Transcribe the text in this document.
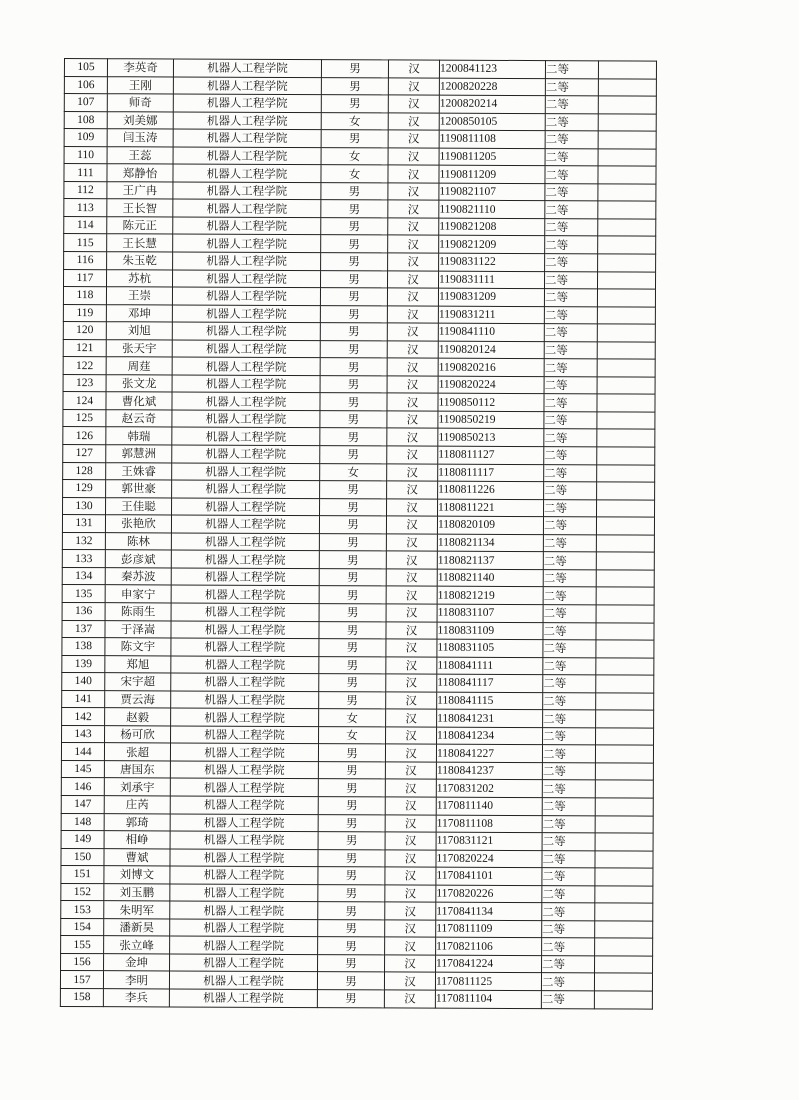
105	李英奇	机器人工程学院	男	汉	1200841123	二等	
106	王刚	机器人工程学院	男	汉	1200820228	二等	
107	师奇	机器人工程学院	男	汉	1200820214	二等	
108	刘美娜	机器人工程学院	女	汉	1200850105	二等	
109	闫玉涛	机器人工程学院	男	汉	1190811108	二等	
110	王蕊	机器人工程学院	女	汉	1190811205	二等	
111	郑静怡	机器人工程学院	女	汉	1190811209	二等	
112	王广冉	机器人工程学院	男	汉	1190821107	二等	
113	王长智	机器人工程学院	男	汉	1190821110	二等	
114	陈元正	机器人工程学院	男	汉	1190821208	二等	
115	王长慧	机器人工程学院	男	汉	1190821209	二等	
116	朱玉乾	机器人工程学院	男	汉	1190831122	二等	
117	苏杭	机器人工程学院	男	汉	1190831111	二等	
118	王崇	机器人工程学院	男	汉	1190831209	二等	
119	邓坤	机器人工程学院	男	汉	1190831211	二等	
120	刘旭	机器人工程学院	男	汉	1190841110	二等	
121	张天宇	机器人工程学院	男	汉	1190820124	二等	
122	周莛	机器人工程学院	男	汉	1190820216	二等	
123	张文龙	机器人工程学院	男	汉	1190820224	二等	
124	曹化斌	机器人工程学院	男	汉	1190850112	二等	
125	赵云奇	机器人工程学院	男	汉	1190850219	二等	
126	韩瑞	机器人工程学院	男	汉	1190850213	二等	
127	郭慧洲	机器人工程学院	男	汉	1180811127	二等	
128	王姝睿	机器人工程学院	女	汉	1180811117	二等	
129	郭世豪	机器人工程学院	男	汉	1180811226	二等	
130	王佳聪	机器人工程学院	男	汉	1180811221	二等	
131	张艳欣	机器人工程学院	男	汉	1180820109	二等	
132	陈林	机器人工程学院	男	汉	1180821134	二等	
133	彭彦斌	机器人工程学院	男	汉	1180821137	二等	
134	秦苏波	机器人工程学院	男	汉	1180821140	二等	
135	申家宁	机器人工程学院	男	汉	1180821219	二等	
136	陈雨生	机器人工程学院	男	汉	1180831107	二等	
137	于泽嵩	机器人工程学院	男	汉	1180831109	二等	
138	陈文宇	机器人工程学院	男	汉	1180831105	二等	
139	郑旭	机器人工程学院	男	汉	1180841111	二等	
140	宋宇超	机器人工程学院	男	汉	1180841117	二等	
141	贾云海	机器人工程学院	男	汉	1180841115	二等	
142	赵毅	机器人工程学院	女	汉	1180841231	二等	
143	杨可欣	机器人工程学院	女	汉	1180841234	二等	
144	张超	机器人工程学院	男	汉	1180841227	二等	
145	唐国东	机器人工程学院	男	汉	1180841237	二等	
146	刘承宇	机器人工程学院	男	汉	1170831202	二等	
147	庄芮	机器人工程学院	男	汉	1170811140	二等	
148	郭琦	机器人工程学院	男	汉	1170811108	二等	
149	相峥	机器人工程学院	男	汉	1170831121	二等	
150	曹斌	机器人工程学院	男	汉	1170820224	二等	
151	刘博文	机器人工程学院	男	汉	1170841101	二等	
152	刘玉鹏	机器人工程学院	男	汉	1170820226	二等	
153	朱明军	机器人工程学院	男	汉	1170841134	二等	
154	潘新昊	机器人工程学院	男	汉	1170811109	二等	
155	张立峰	机器人工程学院	男	汉	1170821106	二等	
156	金坤	机器人工程学院	男	汉	1170841224	二等	
157	李明	机器人工程学院	男	汉	1170811125	二等	
158	李兵	机器人工程学院	男	汉	1170811104	二等	
